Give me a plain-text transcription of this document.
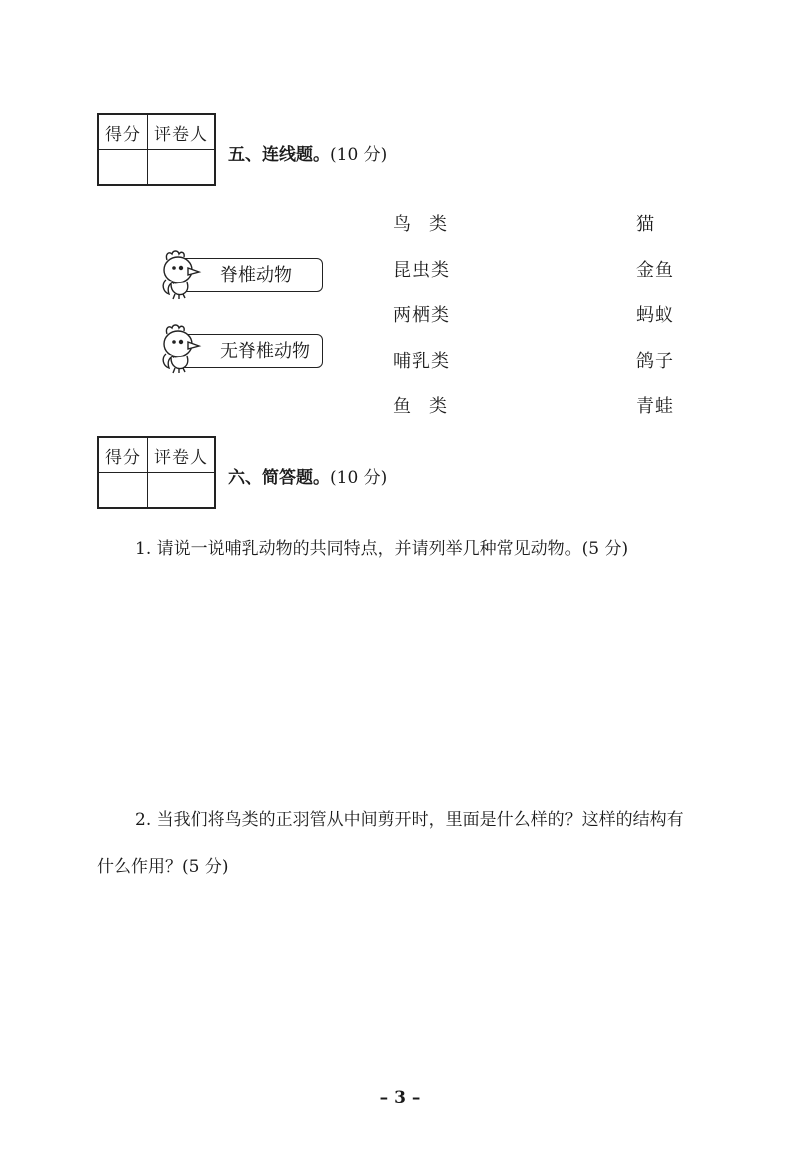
得分	评卷人

五、连线题。(10 分)
脊椎动物
无脊椎动物
鸟　类
昆虫类
两栖类
哺乳类
鱼　类
猫
金鱼
蚂蚁
鸽子
青蛙
得分	评卷人

六、简答题。(10 分)
1. 请说一说哺乳动物的共同特点，并请列举几种常见动物。(5 分)
2. 当我们将鸟类的正羽管从中间剪开时，里面是什么样的？这样的结构有
什么作用？(5 分)
– 3 –
